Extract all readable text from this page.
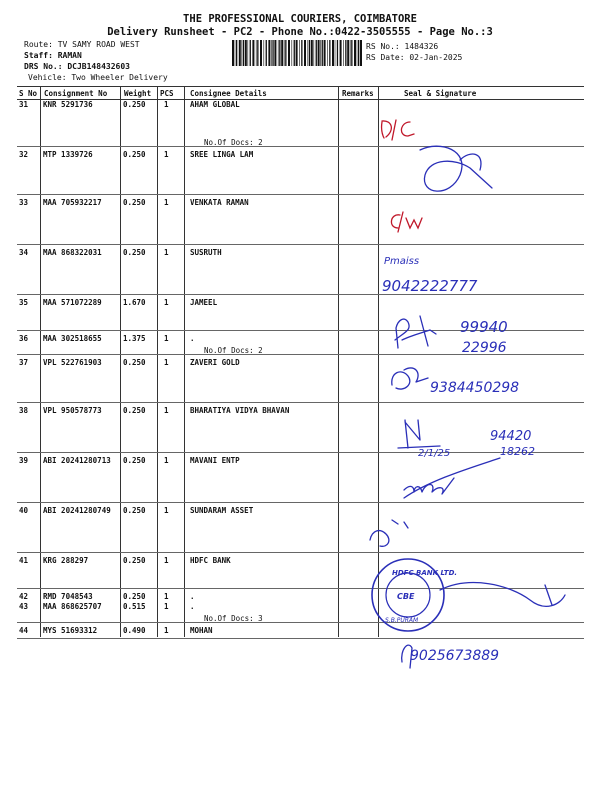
THE PROFESSIONAL COURIERS, COIMBATORE
Delivery Runsheet - PC2 - Phone No.:0422-3505555 - Page No.:3
Route: TV SAMY ROAD WEST
Staff: RAMAN
DRS No.: DCJB148432603
Vehicle: Two Wheeler Delivery
RS No.: 1484326
RS Date: 02-Jan-2025
S No Consignment No Weight PCS Consignee Details	Remarks	Seal & Signature
31 KNR 5291736	0.250 1	AHAM GLOBAL
No.Of Docs: 2
32 MTP 1339726	0.250 1	SREE LINGA LAM
33 MAA 705932217	0.250 1	VENKATA RAMAN
34 MAA 868322031	0.250 1	SUSRUTH
35 MAA 571072289	1.670 1	JAMEEL
36 MAA 302518655	1.375 1	.
No.Of Docs: 2
37 VPL 522761903	0.250 1	ZAVERI GOLD
38 VPL 950578773	0.250 1	BHARATIYA VIDYA BHAVAN
39 ABI 20241280713 0.250 1	MAVANI ENTP
40 ABI 20241280749 0.250 1	SUNDARAM ASSET
41 KRG 288297	0.250 1	HDFC BANK
42 RMD 7048543	0.250 1	.
43 MAA 868625707	0.515 1	.
No.Of Docs: 3
44 MYS 51693312	0.490 1	MOHAN
Pmaiss
9042222777
99940
22996
9384450298
2/1/25
94420
18262
HDFC BANK LTD.
CBE
S.B.PURAM
9025673889
